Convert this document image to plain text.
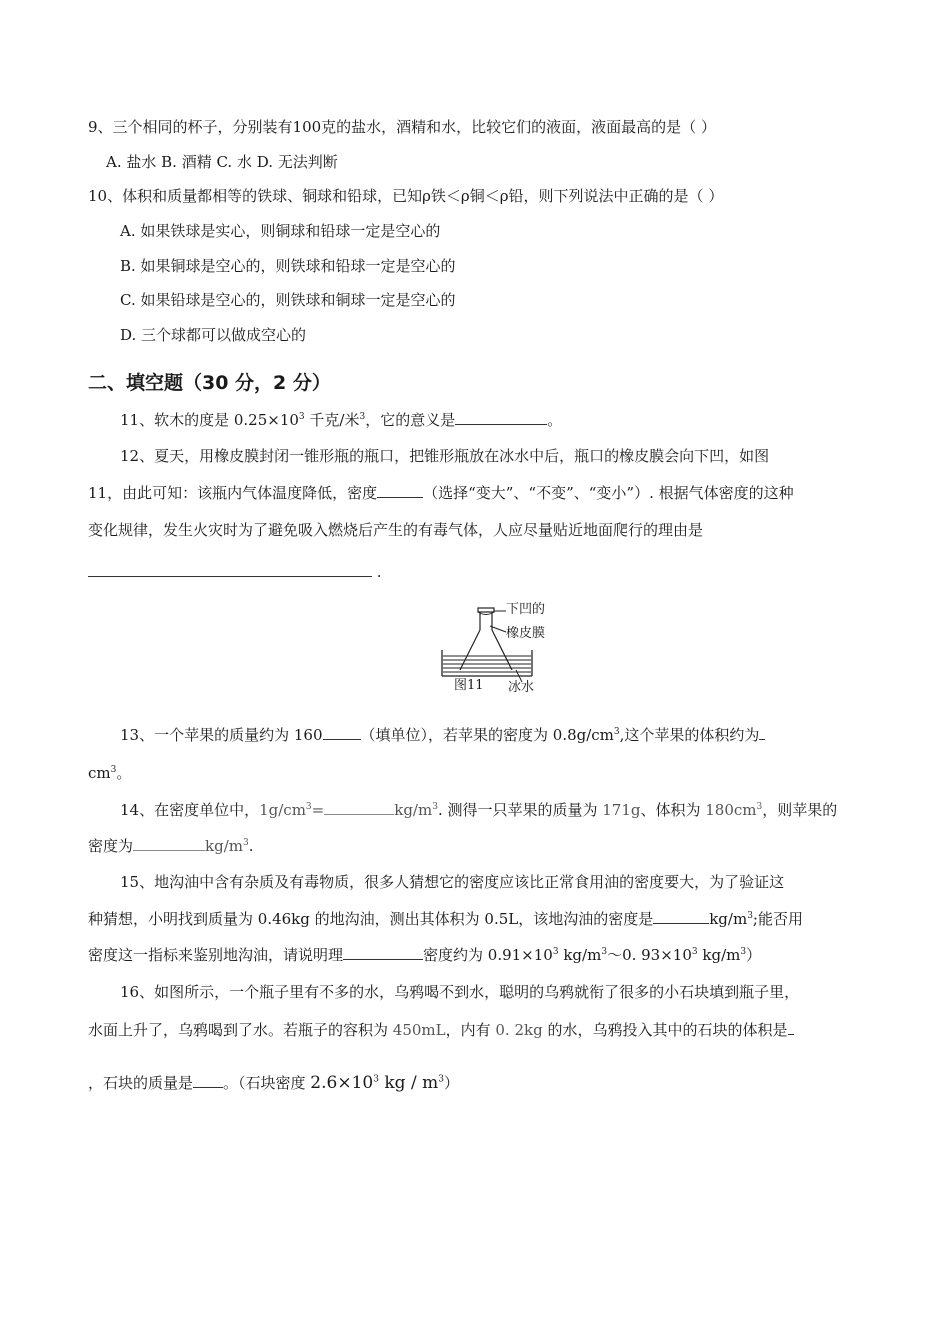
9、三个相同的杯子，分别装有100克的盐水，酒精和水，比较它们的液面，液面最高的是（ ）
A. 盐水 B. 酒精 C. 水 D. 无法判断
10、体积和质量都相等的铁球、铜球和铅球，已知ρ铁＜ρ铜＜ρ铅，则下列说法中正确的是（ ）
A. 如果铁球是实心，则铜球和铅球一定是空心的
B. 如果铜球是空心的，则铁球和铅球一定是空心的
C. 如果铅球是空心的，则铁球和铜球一定是空心的
D. 三个球都可以做成空心的
二、填空题（30 分，2 分）
11、软木的度是 $0.25\times 10^3$ 千克/米$^3$，它的意义是	。
12、夏天，用橡皮膜封闭一锥形瓶的瓶口，把锥形瓶放在冰水中后，瓶口的橡皮膜会向下凹，如图
11，由此可知：该瓶内气体温度降低，密度	（选择“变大”、“不变”、“变小”）. 根据气体密度的这种
变化规律，发生火灾时为了避免吸入燃烧后产生的有毒气体，人应尽量贴近地面爬行的理由是
.
下凹的
橡皮膜
图11 冰水
13、一个苹果的质量约为 160	（填单位），若苹果的密度为 $0.8g/cm^3$,这个苹果的体积约为
$cm^3$。
14、在密度单位中，$1g/cm^3=$	$kg/m^3$. 测得一只苹果的质量为 171g、体积为 $180cm^3$，则苹果的
密度为	$kg/m^3$.
15、地沟油中含有杂质及有毒物质，很多人猜想它的密度应该比正常食用油的密度要大，为了验证这
种猜想，小明找到质量为 0.46kg 的地沟油，测出其体积为 0.5L，该地沟油的密度是	$kg/m^3$;能否用
密度这一指标来鉴别地沟油，请说明理	密度约为 $0.91\times 10^3$ $kg/m^3\sim 0$. $93\times 10^3$ $kg/m^3$）
16、如图所示，一个瓶子里有不多的水，乌鸦喝不到水，聪明的乌鸦就衔了很多的小石块填到瓶子里，
水面上升了，乌鸦喝到了水。若瓶子的容积为 450mL，内有 0. 2kg 的水，乌鸦投入其中的石块的体积是
，石块的质量是 。（石块密度 $2.6\times 10^3$ kg / $m^3$）
